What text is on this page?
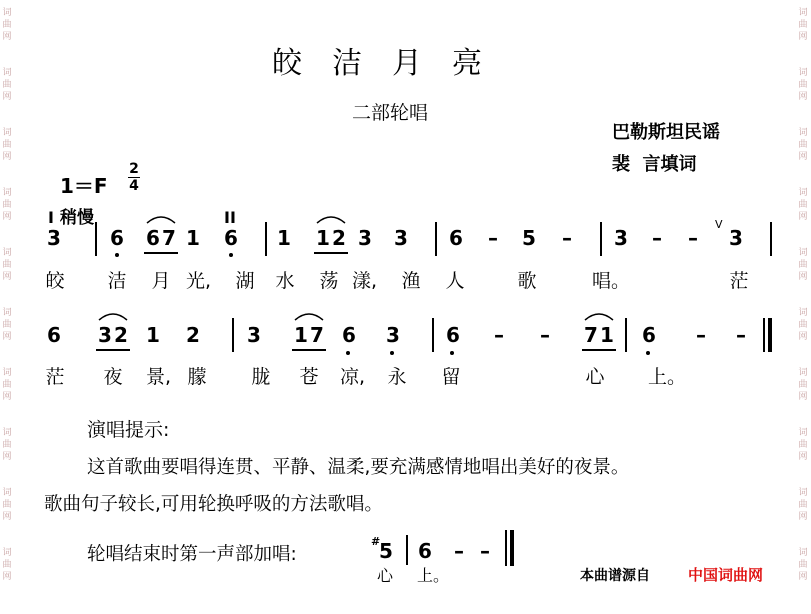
词
曲
网
词
曲
网
词
曲
网
词
曲
网
词
曲
网
词
曲
网
词
曲
网
词
曲
网
词
曲
网
词
曲
网
词
曲
网
词
曲
网
词
曲
网
词
曲
网
词
曲
网
词
曲
网
词
曲
网
词
曲
网
词
曲
网
词
曲
网
皎洁月亮
二部轮唱
巴勒斯坦民谣
裴  言填词
1＝F
2
4
稍慢
I	II
3 6 6 7 1 6 1 1 2 3 3 6 – 5 – 3 – –
V
3
皎 洁 月 光, 湖 水 荡 漾, 渔 人	歌	唱。	茫
6 3 2 1 2 3 1 7 6 3 6 – – 7 1 6 – –
茫 夜 景, 朦 胧 苍 凉, 永 留	心 上。
演唱提示:
这首歌曲要唱得连贯、平静、温柔,要充满感情地唱出美好的夜景。
歌曲句子较长,可用轮换呼吸的方法歌唱。
轮唱结束时第一声部加唱:
#
5 6 – –
心 上。	本曲谱源自	中国词曲网
